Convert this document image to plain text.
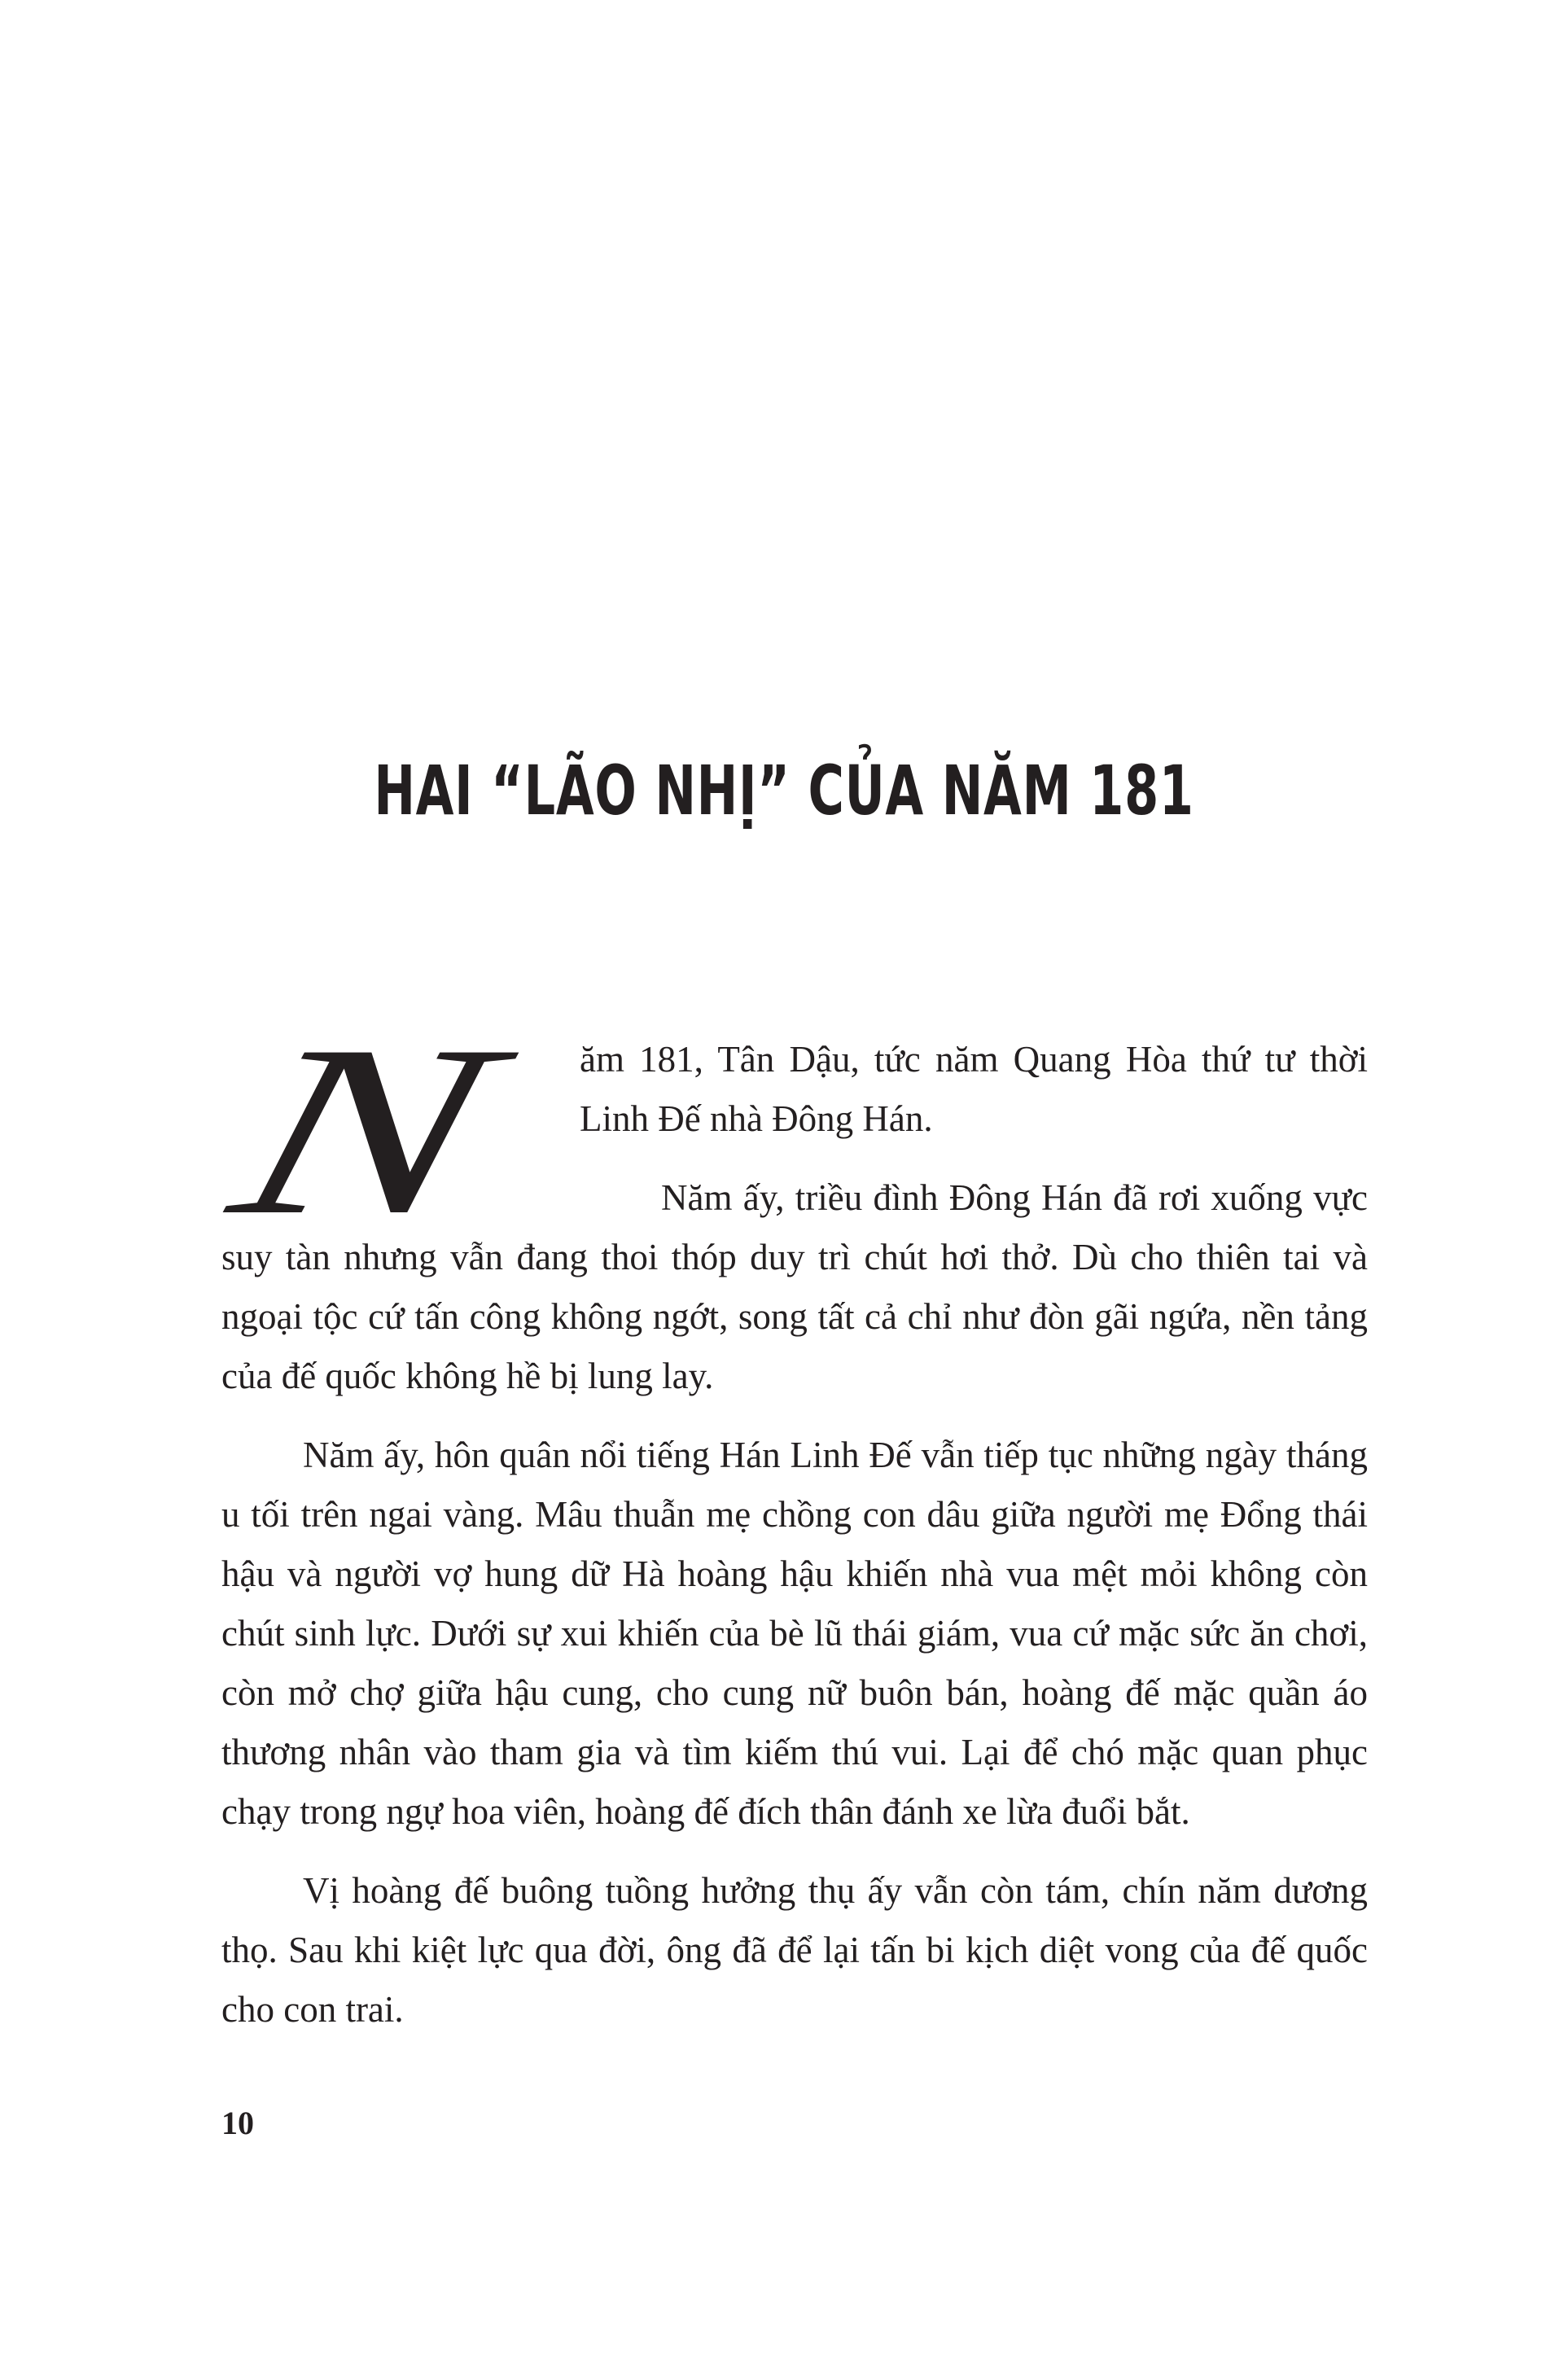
HAI “LÃO NHỊ” CỦA NĂM 181

N	ăm 181, Tân Dậu, tức năm Quang Hòa thứ tư thời Linh Đế nhà Đông Hán.

Năm ấy, triều đình Đông Hán đã rơi xuống vực suy tàn nhưng vẫn đang thoi thóp duy trì chút hơi thở. Dù cho thiên tai và ngoại tộc cứ tấn công không ngớt, song tất cả chỉ như đòn gãi ngứa, nền tảng của đế quốc không hề bị lung lay.

Năm ấy, hôn quân nổi tiếng Hán Linh Đế vẫn tiếp tục những ngày tháng u tối trên ngai vàng. Mâu thuẫn mẹ chồng con dâu giữa người mẹ Đổng thái hậu và người vợ hung dữ Hà hoàng hậu khiến nhà vua mệt mỏi không còn chút sinh lực. Dưới sự xui khiến của bè lũ thái giám, vua cứ mặc sức ăn chơi, còn mở chợ giữa hậu cung, cho cung nữ buôn bán, hoàng đế mặc quần áo thương nhân vào tham gia và tìm kiếm thú vui. Lại để chó mặc quan phục chạy trong ngự hoa viên, hoàng đế đích thân đánh xe lừa đuổi bắt.

Vị hoàng đế buông tuồng hưởng thụ ấy vẫn còn tám, chín năm dương thọ. Sau khi kiệt lực qua đời, ông đã để lại tấn bi kịch diệt vong của đế quốc cho con trai.

10
